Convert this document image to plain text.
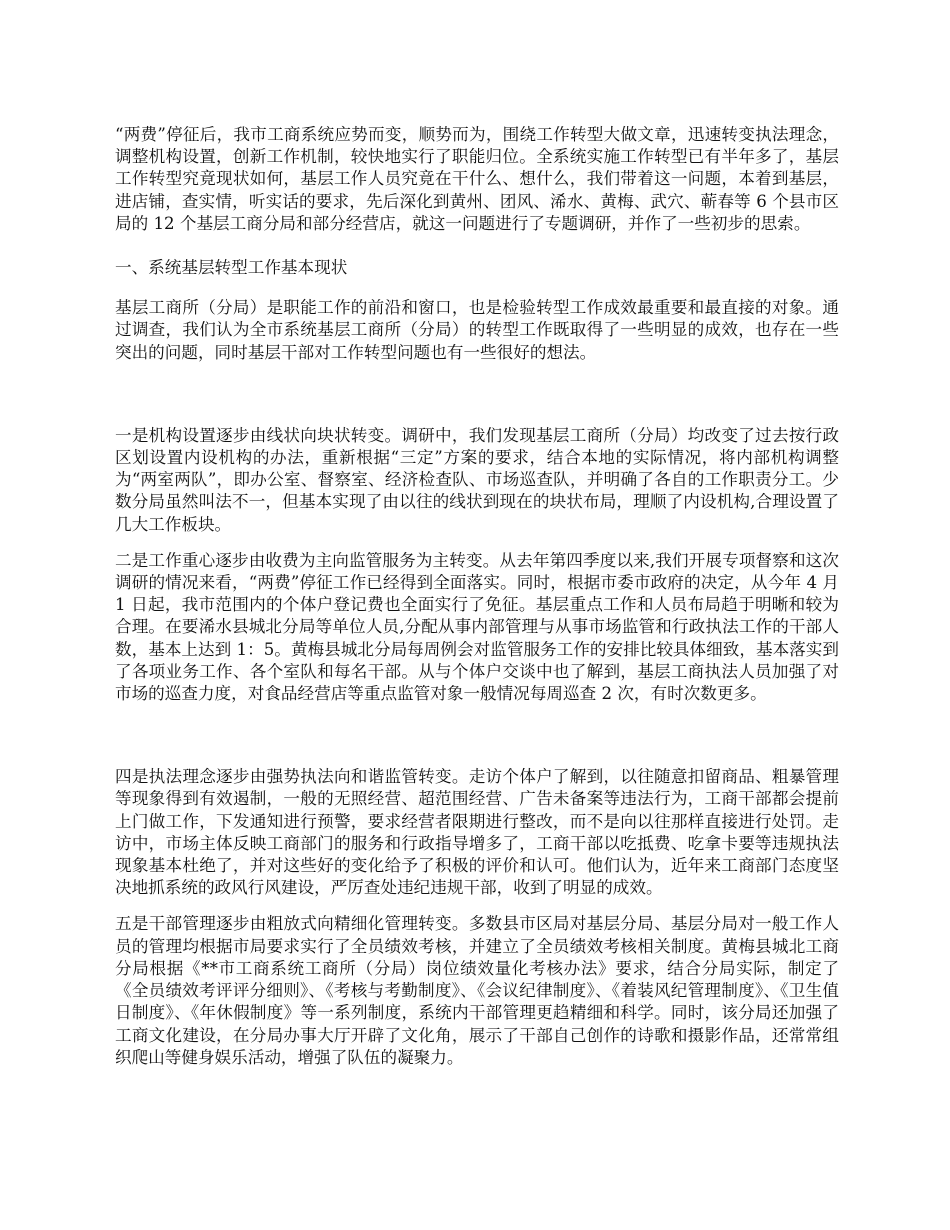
“两费”停征后，我市工商系统应势而变，顺势而为，围绕工作转型大做文章，迅速转变执法理念，调整机构设置，创新工作机制，较快地实行了职能归位。全系统实施工作转型已有半年多了，基层工作转型究竟现状如何，基层工作人员究竟在干什么、想什么，我们带着这一问题，本着到基层，进店铺，查实情，听实话的要求，先后深化到黄州、团风、浠水、黄梅、武穴、蕲春等 6 个县市区局的 12 个基层工商分局和部分经营店，就这一问题进行了专题调研，并作了一些初步的思索。

一、系统基层转型工作基本现状

基层工商所（分局）是职能工作的前沿和窗口，也是检验转型工作成效最重要和最直接的对象。通过调查，我们认为全市系统基层工商所（分局）的转型工作既取得了一些明显的成效，也存在一些突出的问题，同时基层干部对工作转型问题也有一些很好的想法。

一是机构设置逐步由线状向块状转变。调研中，我们发现基层工商所（分局）均改变了过去按行政区划设置内设机构的办法，重新根据“三定”方案的要求，结合本地的实际情况，将内部机构调整为“两室两队”，即办公室、督察室、经济检查队、市场巡查队，并明确了各自的工作职责分工。少数分局虽然叫法不一，但基本实现了由以往的线状到现在的块状布局，理顺了内设机构,合理设置了几大工作板块。

二是工作重心逐步由收费为主向监管服务为主转变。从去年第四季度以来,我们开展专项督察和这次调研的情况来看，“两费”停征工作已经得到全面落实。同时，根据市委市政府的决定，从今年 4 月 1 日起，我市范围内的个体户登记费也全面实行了免征。基层重点工作和人员布局趋于明晰和较为合理。在要浠水县城北分局等单位人员,分配从事内部管理与从事市场监管和行政执法工作的干部人数，基本上达到 1：5。黄梅县城北分局每周例会对监管服务工作的安排比较具体细致，基本落实到了各项业务工作、各个室队和每名干部。从与个体户交谈中也了解到，基层工商执法人员加强了对市场的巡查力度，对食品经营店等重点监管对象一般情况每周巡查 2 次，有时次数更多。

四是执法理念逐步由强势执法向和谐监管转变。走访个体户了解到，以往随意扣留商品、粗暴管理等现象得到有效遏制，一般的无照经营、超范围经营、广告未备案等违法行为，工商干部都会提前上门做工作，下发通知进行预警，要求经营者限期进行整改，而不是向以往那样直接进行处罚。走访中，市场主体反映工商部门的服务和行政指导增多了，工商干部以吃抵费、吃拿卡要等违规执法现象基本杜绝了，并对这些好的变化给予了积极的评价和认可。他们认为，近年来工商部门态度坚决地抓系统的政风行风建设，严厉查处违纪违规干部，收到了明显的成效。

五是干部管理逐步由粗放式向精细化管理转变。多数县市区局对基层分局、基层分局对一般工作人员的管理均根据市局要求实行了全员绩效考核，并建立了全员绩效考核相关制度。黄梅县城北工商分局根据《**市工商系统工商所（分局）岗位绩效量化考核办法》要求，结合分局实际，制定了《全员绩效考评评分细则》、《考核与考勤制度》、《会议纪律制度》、《着装风纪管理制度》、《卫生值日制度》、《年休假制度》等一系列制度，系统内干部管理更趋精细和科学。同时，该分局还加强了工商文化建设，在分局办事大厅开辟了文化角，展示了干部自己创作的诗歌和摄影作品，还常常组织爬山等健身娱乐活动，增强了队伍的凝聚力。
